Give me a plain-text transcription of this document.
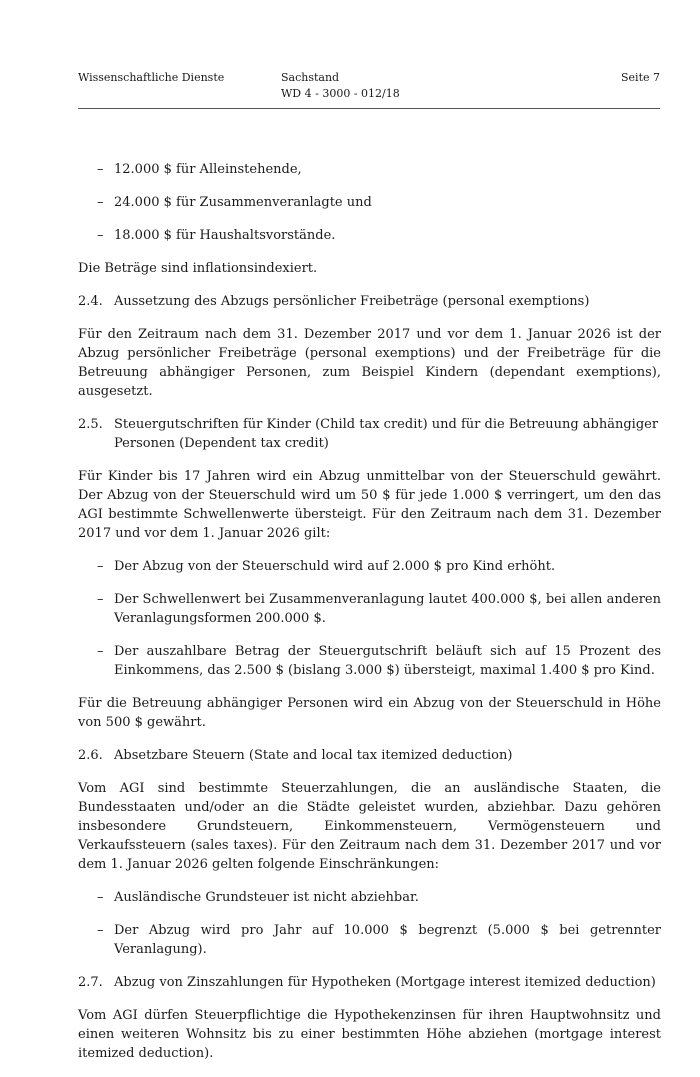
Wissenschaftliche Dienste	Sachstand
WD 4 - 3000 - 012/18
Seite 7

– 12.000 $ für Alleinstehende,

– 24.000 $ für Zusammenveranlagte und

– 18.000 $ für Haushaltsvorstände.

Die Beträge sind inflationsindexiert.

2.4. Aussetzung des Abzugs persönlicher Freibeträge (personal exemptions)

Für den Zeitraum nach dem 31. Dezember 2017 und vor dem 1. Januar 2026 ist der Abzug persönlicher Freibeträge (personal exemptions) und der Freibeträge für die Betreuung abhängiger Personen, zum Beispiel Kindern (dependant exemptions), ausgesetzt.

2.5. Steuergutschriften für Kinder (Child tax credit) und für die Betreuung abhängiger Personen (Dependent tax credit)

Für Kinder bis 17 Jahren wird ein Abzug unmittelbar von der Steuerschuld gewährt. Der Abzug von der Steuerschuld wird um 50 $ für jede 1.000 $ verringert, um den das AGI bestimmte Schwellenwerte übersteigt. Für den Zeitraum nach dem 31. Dezember 2017 und vor dem 1. Januar 2026 gilt:

– Der Abzug von der Steuerschuld wird auf 2.000 $ pro Kind erhöht.

– Der Schwellenwert bei Zusammenveranlagung lautet 400.000 $, bei allen anderen Veranlagungsformen 200.000 $.

– Der auszahlbare Betrag der Steuergutschrift beläuft sich auf 15 Prozent des Einkommens, das 2.500 $ (bislang 3.000 $) übersteigt, maximal 1.400 $ pro Kind.

Für die Betreuung abhängiger Personen wird ein Abzug von der Steuerschuld in Höhe von 500 $ gewährt.

2.6. Absetzbare Steuern (State and local tax itemized deduction)

Vom AGI sind bestimmte Steuerzahlungen, die an ausländische Staaten, die Bundesstaaten und/oder an die Städte geleistet wurden, abziehbar. Dazu gehören insbesondere Grundsteuern, Einkommensteuern, Vermögensteuern und Verkaufssteuern (sales taxes). Für den Zeitraum nach dem 31. Dezember 2017 und vor dem 1. Januar 2026 gelten folgende Einschränkungen:

– Ausländische Grundsteuer ist nicht abziehbar.

– Der Abzug wird pro Jahr auf 10.000 $ begrenzt (5.000 $ bei getrennter Veranlagung).

2.7. Abzug von Zinszahlungen für Hypotheken (Mortgage interest itemized deduction)

Vom AGI dürfen Steuerpflichtige die Hypothekenzinsen für ihren Hauptwohnsitz und einen weiteren Wohnsitz bis zu einer bestimmten Höhe abziehen (mortgage interest itemized deduction).
